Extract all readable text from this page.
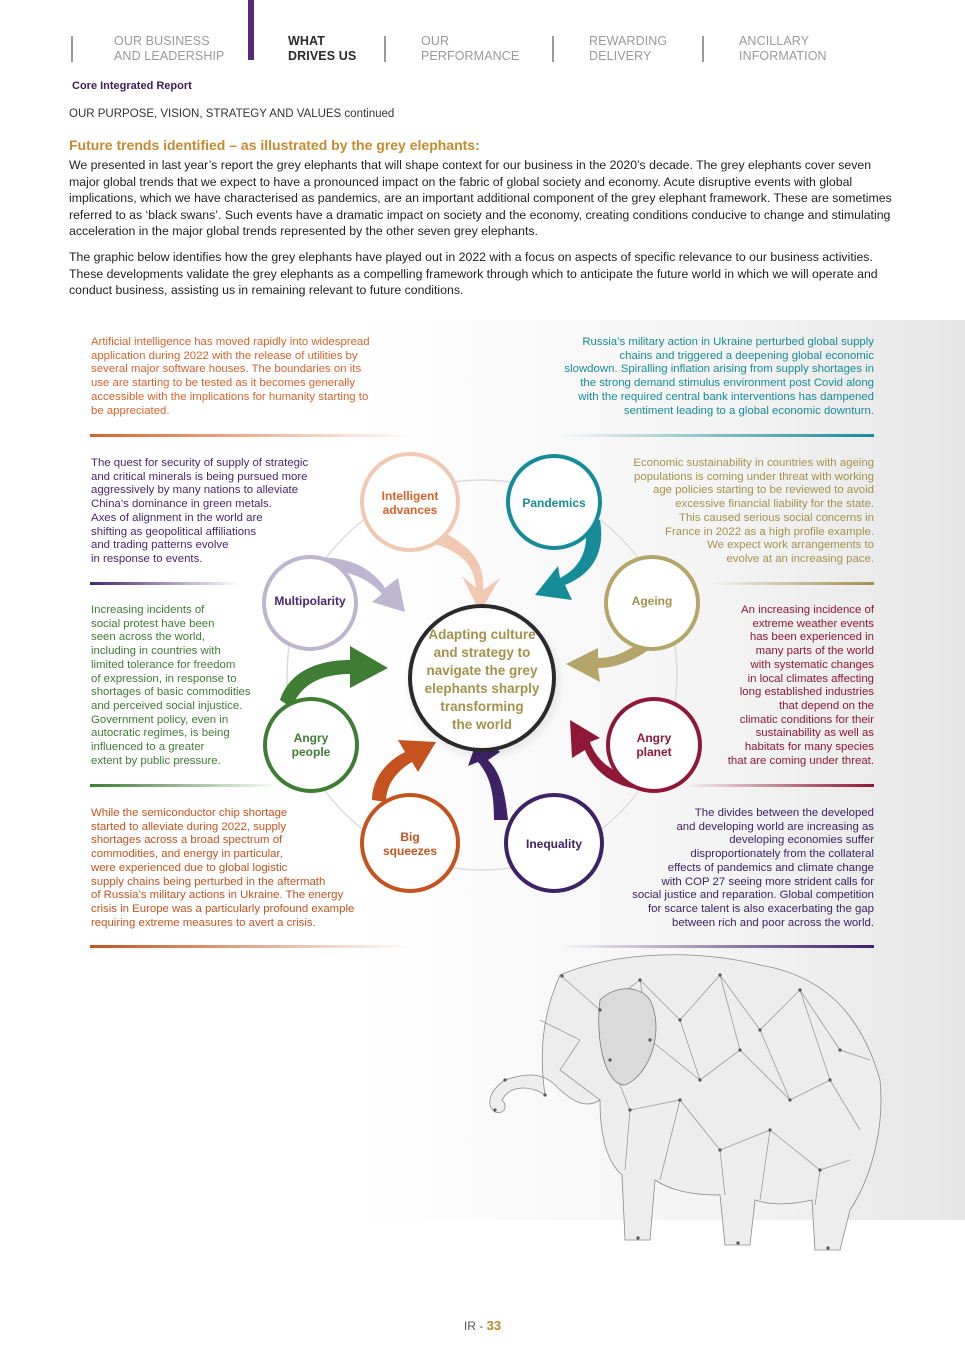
OUR BUSINESS
AND LEADERSHIP
WHAT
DRIVES US
OUR
PERFORMANCE
REWARDING
DELIVERY
ANCILLARY
INFORMATION
Core Integrated Report
OUR PURPOSE, VISION, STRATEGY AND VALUES continued
Future trends identified – as illustrated by the grey elephants:
We presented in last year’s report the grey elephants that will shape context for our business in the 2020’s decade. The grey elephants cover seven major global trends that we expect to have a pronounced impact on the fabric of global society and economy. Acute disruptive events with global implications, which we have characterised as pandemics, are an important additional component of the grey elephant framework. These are sometimes referred to as ‘black swans’. Such events have a dramatic impact on society and the economy, creating conditions conducive to change and stimulating acceleration in the major global trends represented by the other seven grey elephants.
The graphic below identifies how the grey elephants have played out in 2022 with a focus on aspects of specific relevance to our business activities. These developments validate the grey elephants as a compelling framework through which to anticipate the future world in which we will operate and conduct business, assisting us in remaining relevant to future conditions.
Adapting culture
and strategy to
navigate the grey
elephants sharply
transforming
the world
Intelligent
advances	Pandemics
Multipolarity	Ageing
Angry
people
Angry
planet
Big
squeezes	Inequality
Artificial intelligence has moved rapidly into widespread
application during 2022 with the release of utilities by
several major software houses. The boundaries on its
use are starting to be tested as it becomes generally
accessible with the implications for humanity starting to
be appreciated.
Russia’s military action in Ukraine perturbed global supply
chains and triggered a deepening global economic
slowdown. Spiralling inflation arising from supply shortages in
the strong demand stimulus environment post Covid along
with the required central bank interventions has dampened
sentiment leading to a global economic downturn.
The quest for security of supply of strategic
and critical minerals is being pursued more
aggressively by many nations to alleviate
China’s dominance in green metals.
Axes of alignment in the world are
shifting as geopolitical affiliations
and trading patterns evolve
in response to events.
Economic sustainability in countries with ageing
populations is coming under threat with working
age policies starting to be reviewed to avoid
excessive financial liability for the state.
This caused serious social concerns in
France in 2022 as a high profile example.
We expect work arrangements to
evolve at an increasing pace.
Increasing incidents of
social protest have been
seen across the world,
including in countries with
limited tolerance for freedom
of expression, in response to
shortages of basic commodities
and perceived social injustice.
Government policy, even in
autocratic regimes, is being
influenced to a greater
extent by public pressure.
An increasing incidence of
extreme weather events
has been experienced in
many parts of the world
with systematic changes
in local climates affecting
long established industries
that depend on the
climatic conditions for their
sustainability as well as
habitats for many species
that are coming under threat.
While the semiconductor chip shortage
started to alleviate during 2022, supply
shortages across a broad spectrum of
commodities, and energy in particular,
were experienced due to global logistic
supply chains being perturbed in the aftermath
of Russia’s military actions in Ukraine. The energy
crisis in Europe was a particularly profound example
requiring extreme measures to avert a crisis.
The divides between the developed
and developing world are increasing as
developing economies suffer
disproportionately from the collateral
effects of pandemics and climate change
with COP 27 seeing more strident calls for
social justice and reparation. Global competition
for scarce talent is also exacerbating the gap
between rich and poor across the world.
IR - 33
